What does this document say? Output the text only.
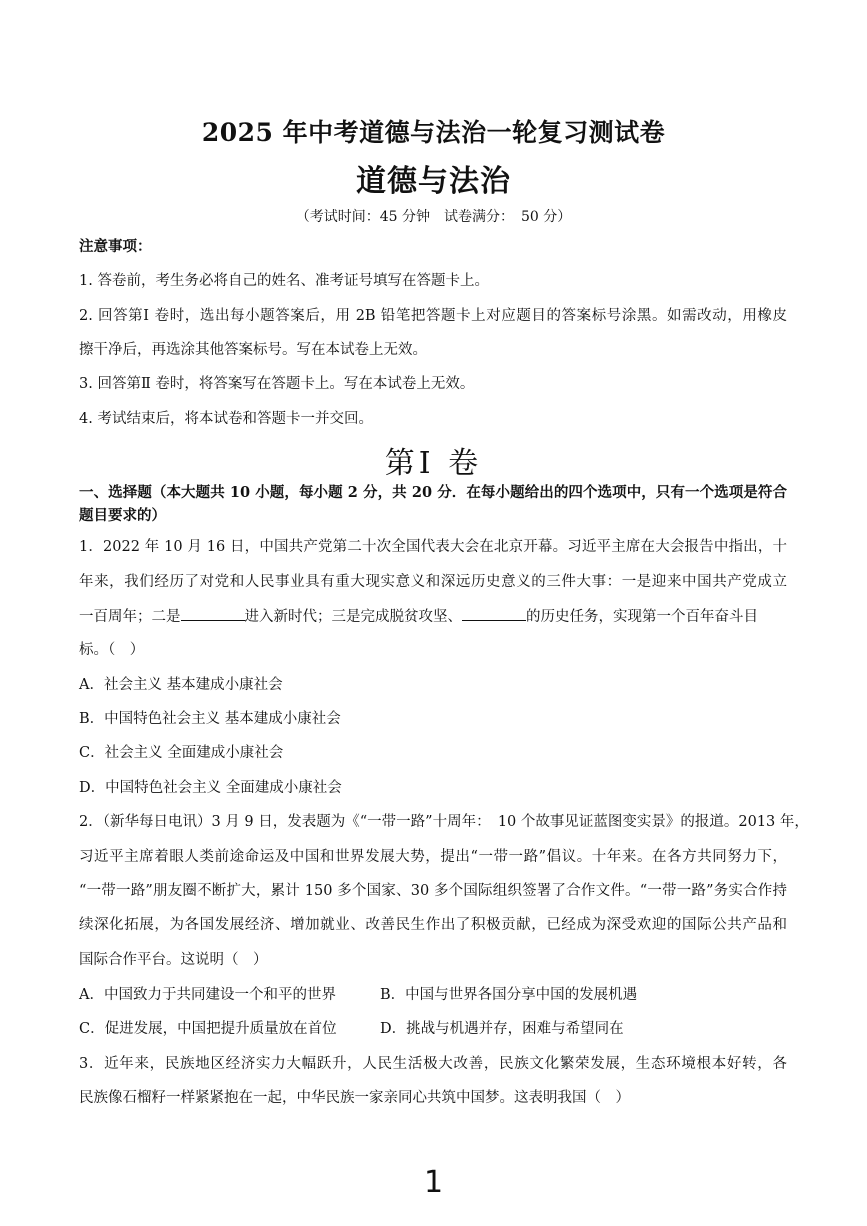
2025 年中考道德与法治一轮复习测试卷
道德与法治
（考试时间：45 分钟　试卷满分：　50 分）
注意事项：
1. 答卷前，考生务必将自己的姓名、准考证号填写在答题卡上。
2. 回答第Ⅰ 卷时，选出每小题答案后，用 2B 铅笔把答题卡上对应题目的答案标号涂黑。如需改动，用橡皮
擦干净后，再选涂其他答案标号。写在本试卷上无效。
3. 回答第Ⅱ 卷时，将答案写在答题卡上。写在本试卷上无效。
4. 考试结束后，将本试卷和答题卡一并交回。
第Ⅰ 卷
一、选择题（本大题共 10 小题，每小题 2 分，共 20 分．在每小题给出的四个选项中，只有一个选项是符合
题目要求的）
1．2022 年 10 月 16 日，中国共产党第二十次全国代表大会在北京开幕。习近平主席在大会报告中指出，十
年来，我们经历了对党和人民事业具有重大现实意义和深远历史意义的三件大事：一是迎来中国共产党成立
一百周年；二是	进入新时代；三是完成脱贫攻坚、	的历史任务，实现第一个百年奋斗目
标。（　）
A．社会主义 基本建成小康社会
B．中国特色社会主义 基本建成小康社会
C．社会主义 全面建成小康社会
D．中国特色社会主义 全面建成小康社会
2．（新华每日电讯）3 月 9 日，发表题为《“一带一路”十周年：　10 个故事见证蓝图变实景》的报道。2013 年，
习近平主席着眼人类前途命运及中国和世界发展大势，提出“一带一路”倡议。十年来。在各方共同努力下，
“一带一路”朋友圈不断扩大，累计 150 多个国家、30 多个国际组织签署了合作文件。“一带一路”务实合作持
续深化拓展，为各国发展经济、增加就业、改善民生作出了积极贡献，已经成为深受欢迎的国际公共产品和
国际合作平台。这说明（　）
A．中国致力于共同建设一个和平的世界	B．中国与世界各国分享中国的发展机遇
C．促进发展，中国把提升质量放在首位	D．挑战与机遇并存，困难与希望同在
3．近年来，民族地区经济实力大幅跃升，人民生活极大改善，民族文化繁荣发展，生态环境根本好转，各
民族像石榴籽一样紧紧抱在一起，中华民族一家亲同心共筑中国梦。这表明我国（　）
1
